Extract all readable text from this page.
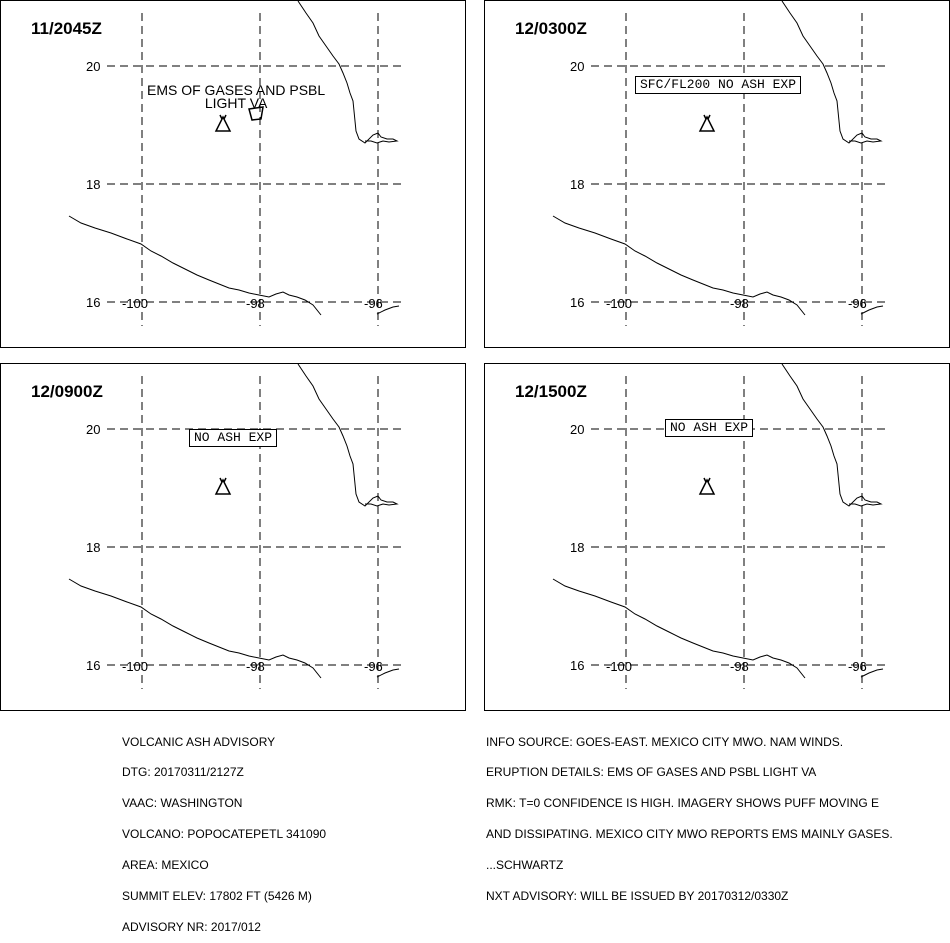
11/2045Z
20
18
16 -100	-98	-96
EMS OF GASES AND PSBL
LIGHT VA
12/0300Z
20
18
16 -100	-98	-96
SFC/FL200 NO ASH EXP
12/0900Z
20
18
16 -100	-98	-96
NO ASH EXP
12/1500Z
20
18
16 -100	-98	-96
NO ASH EXP

VOLCANIC ASH ADVISORY

DTG: 20170311/2127Z

VAAC: WASHINGTON

VOLCANO: POPOCATEPETL 341090

AREA: MEXICO

SUMMIT ELEV: 17802 FT (5426 M)

ADVISORY NR: 2017/012

INFO SOURCE: GOES-EAST. MEXICO CITY MWO. NAM WINDS.

ERUPTION DETAILS: EMS OF GASES AND PSBL LIGHT VA

RMK: T=0 CONFIDENCE IS HIGH. IMAGERY SHOWS PUFF MOVING E

AND DISSIPATING. MEXICO CITY MWO REPORTS EMS MAINLY GASES.

...SCHWARTZ

NXT ADVISORY: WILL BE ISSUED BY 20170312/0330Z
